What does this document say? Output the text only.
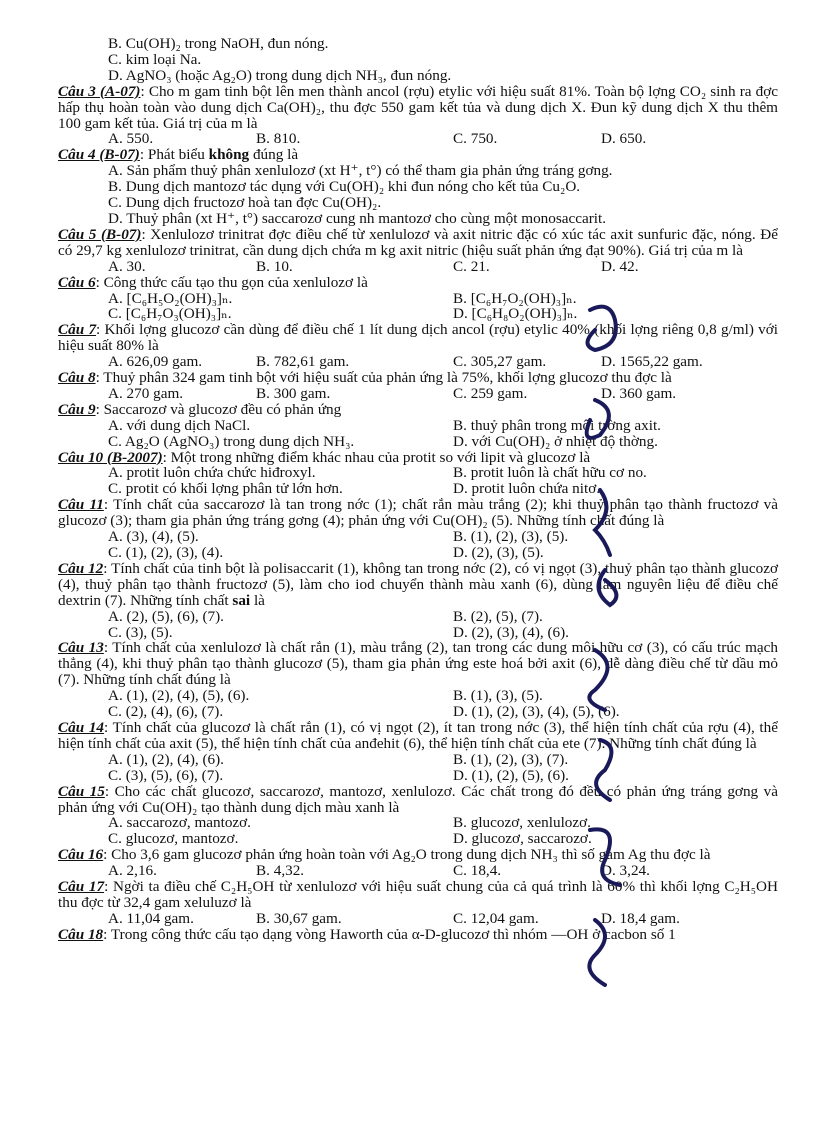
B. Cu(OH)₂ trong NaOH, đun nóng.
C. kim loại Na.
D. AgNO₃ (hoặc Ag₂O) trong dung dịch NH₃, đun nóng.
Câu 3 (A-07): Cho m gam tinh bột lên men thành ancol (rợu) etylic với hiệu suất 81%. Toàn bộ lợng CO₂ sinh ra đợc hấp thụ hoàn toàn vào dung dịch Ca(OH)₂, thu đợc 550 gam kết tủa và dung dịch X. Đun kỹ dung dịch X thu thêm 100 gam kết tủa. Giá trị của m là
A. 550.	B. 810.	C. 750.	D. 650.
Câu 4 (B-07): Phát biểu không đúng là
A. Sản phẩm thuỷ phân xenlulozơ (xt H⁺, t°) có thể tham gia phản ứng tráng gơng.
B. Dung dịch mantozơ tác dụng với Cu(OH)₂ khi đun nóng cho kết tủa Cu₂O.
C. Dung dịch fructozơ hoà tan đợc Cu(OH)₂.
D. Thuỷ phân (xt H⁺, t°) saccarozơ cung nh mantozơ cho cùng một monosaccarit.
Câu 5 (B-07): Xenlulozơ trinitrat đợc điều chế từ xenlulozơ và axit nitric đặc có xúc tác axit sunfuric đặc, nóng. Để có 29,7 kg xenlulozơ trinitrat, cần dung dịch chứa m kg axit nitric (hiệu suất phản ứng đạt 90%). Giá trị của m là
A. 30.	B. 10.	C. 21.	D. 42.
Câu 6: Công thức cấu tạo thu gọn của xenlulozơ là
A. [C₆H₅O₂(OH)₃]ₙ.	B. [C₆H₇O₂(OH)₃]ₙ.
C. [C₆H₇O₃(OH)₃]ₙ.	D. [C₆H₈O₂(OH)₃]ₙ.
Câu 7: Khối lợng glucozơ cần dùng để điều chế 1 lít dung dịch ancol (rợu) etylic 40% (khối lợng riêng 0,8 g/ml) với hiệu suất 80% là
A. 626,09 gam.	B. 782,61 gam.	C. 305,27 gam.	D. 1565,22 gam.
Câu 8: Thuỷ phân 324 gam tinh bột với hiệu suất của phản ứng là 75%, khối lợng glucozơ thu đợc là
A. 270 gam.	B. 300 gam.	C. 259 gam.	D. 360 gam.
Câu 9: Saccarozơ và glucozơ đều có phản ứng
A. với dung dịch NaCl.	B. thuỷ phân trong môi trờng axit.
C. Ag₂O (AgNO₃) trong dung dịch NH₃.	D. với Cu(OH)₂ ở nhiệt độ thờng.
Câu 10 (B-2007): Một trong những điểm khác nhau của protit so với lipit và glucozơ là
A. protit luôn chứa chức hiđroxyl.	B. protit luôn là chất hữu cơ no.
C. protit có khối lợng phân tử lớn hơn.	D. protit luôn chứa nitơ.
Câu 11: Tính chất của saccarozơ là tan trong nớc (1); chất rắn màu trắng (2); khi thuỷ phân tạo thành fructozơ và glucozơ (3); tham gia phản ứng tráng gơng (4); phản ứng với Cu(OH)₂ (5). Những tính chất đúng là
A. (3), (4), (5).	B. (1), (2), (3), (5).
C. (1), (2), (3), (4).	D. (2), (3), (5).
Câu 12: Tính chất của tinh bột là polisaccarit (1), không tan trong nớc (2), có vị ngọt (3), thuỷ phân tạo thành glucozơ (4), thuỷ phân tạo thành fructozơ (5), làm cho iod chuyển thành màu xanh (6), dùng làm nguyên liệu để điều chế dextrin (7). Những tính chất sai là
A. (2), (5), (6), (7).	B. (2), (5), (7).
C. (3), (5).	D. (2), (3), (4), (6).
Câu 13: Tính chất của xenlulozơ là chất rắn (1), màu trắng (2), tan trong các dung môi hữu cơ (3), có cấu trúc mạch thẳng (4), khi thuỷ phân tạo thành glucozơ (5), tham gia phản ứng este hoá bởi axit (6), dễ dàng điều chế từ dầu mỏ (7). Những tính chất đúng là
A. (1), (2), (4), (5), (6).	B. (1), (3), (5).
C. (2), (4), (6), (7).	D. (1), (2), (3), (4), (5), (6).
Câu 14: Tính chất của glucozơ là chất rắn (1), có vị ngọt (2), ít tan trong nớc (3), thể hiện tính chất của rợu (4), thể hiện tính chất của axit (5), thể hiện tính chất của anđehit (6), thể hiện tính chất của ete (7). Những tính chất đúng là
A. (1), (2), (4), (6).	B. (1), (2), (3), (7).
C. (3), (5), (6), (7).	D. (1), (2), (5), (6).
Câu 15: Cho các chất glucozơ, saccarozơ, mantozơ, xenlulozơ. Các chất trong đó đều có phản ứng tráng gơng và phản ứng với Cu(OH)₂ tạo thành dung dịch màu xanh là
A. saccarozơ, mantozơ.	B. glucozơ, xenlulozơ.
C. glucozơ, mantozơ.	D. glucozơ, saccarozơ.
Câu 16: Cho 3,6 gam glucozơ phản ứng hoàn toàn với Ag₂O trong dung dịch NH₃ thì số gam Ag thu đợc là
A. 2,16.	B. 4,32.	C. 18,4.	D. 3,24.
Câu 17: Ngời ta điều chế C₂H₅OH từ xenlulozơ với hiệu suất chung của cả quá trình là 60% thì khối lợng C₂H₅OH thu đợc từ 32,4 gam xeluluzơ là
A. 11,04 gam.	B. 30,67 gam.	C. 12,04 gam.	D. 18,4 gam.
Câu 18: Trong công thức cấu tạo dạng vòng Haworth của α-D-glucozơ thì nhóm —OH ở cacbon số 1
